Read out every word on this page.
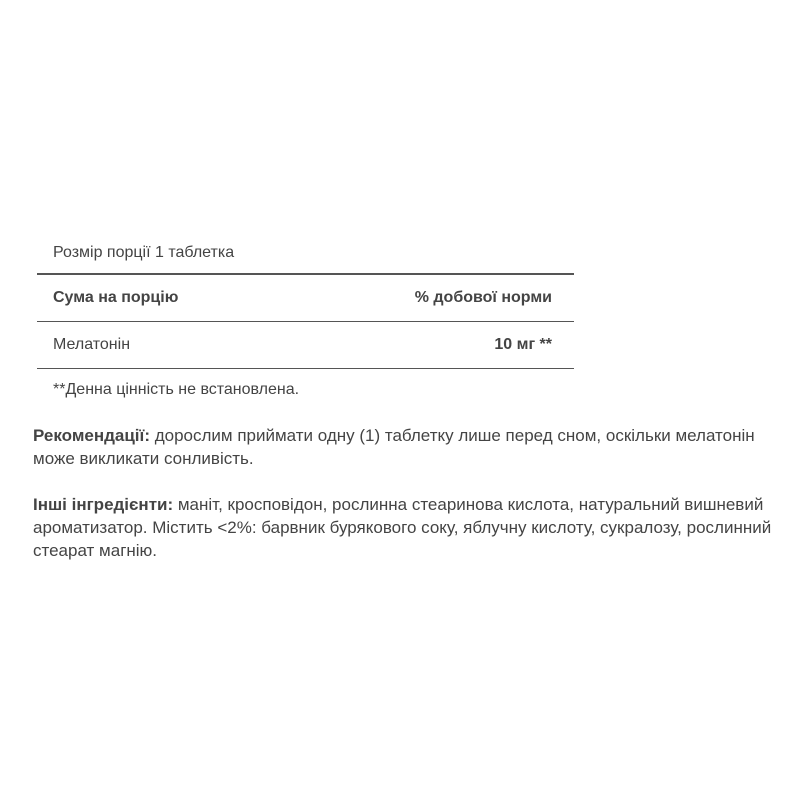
Розмір порції 1 таблетка
Сума на порцію	% добової норми
Мелатонін	10 мг **
**Денна цінність не встановлена.
Рекомендації: дорослим приймати одну (1) таблетку лише перед сном, оскільки мелатонін може викликати сонливість.
Інші інгредієнти: маніт, кросповідон, рослинна стеаринова кислота, натуральний вишневий ароматизатор. Містить <2%: барвник бурякового соку, яблучну кислоту, сукралозу, рослинний стеарат магнію.
